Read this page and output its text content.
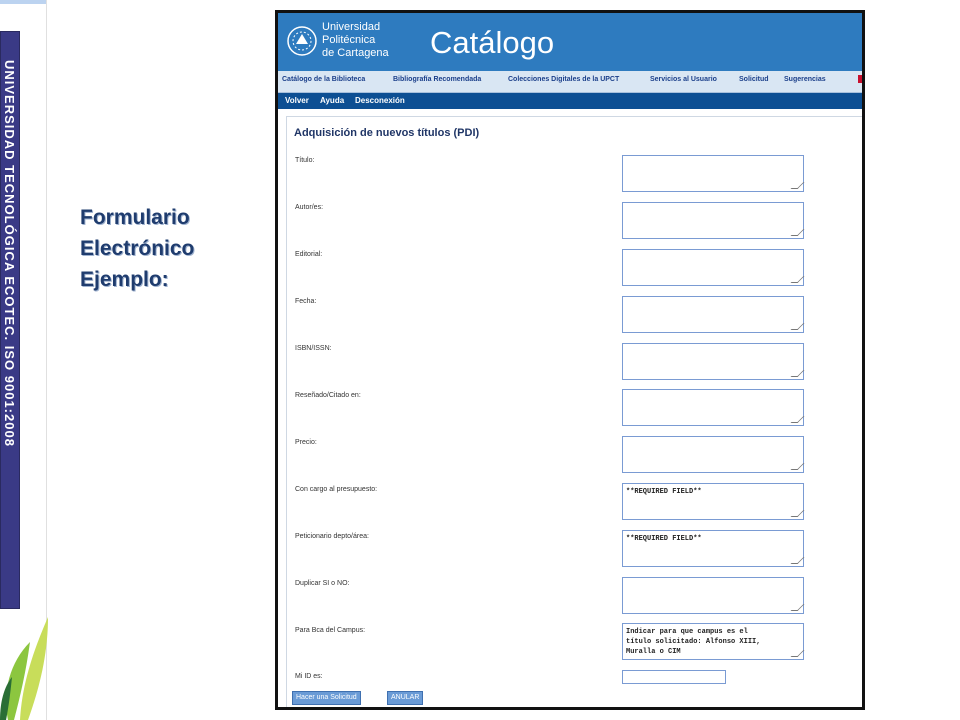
UNIVERSIDAD TECNOLÓGICA ECOTEC. ISO 9001:2008	Formulario
Electrónico
Ejemplo:
Universidad
Politécnica
de Cartagena Catálogo
Catálogo de la Biblioteca	Bibliografía Recomendada	Colecciones Digitales de la UPCT	Servicios al Usuario	Solicitud Sugerencias
Volver Ayuda Desconexión
Adquisición de nuevos títulos (PDI)
Título:
Autor/es:
Editorial:
Fecha:
ISBN/ISSN:
Reseñado/Citado en:
Precio:
Con cargo al presupuesto:	**REQUIRED FIELD**
Peticionario depto/área:	**REQUIRED FIELD**
Duplicar SI o NO:
Para Bca del Campus:	Indicar para que campus es el
título solicitado: Alfonso XIII,
Muralla o CIM
Mi ID es:
Hacer una Solicitud	ANULAR
